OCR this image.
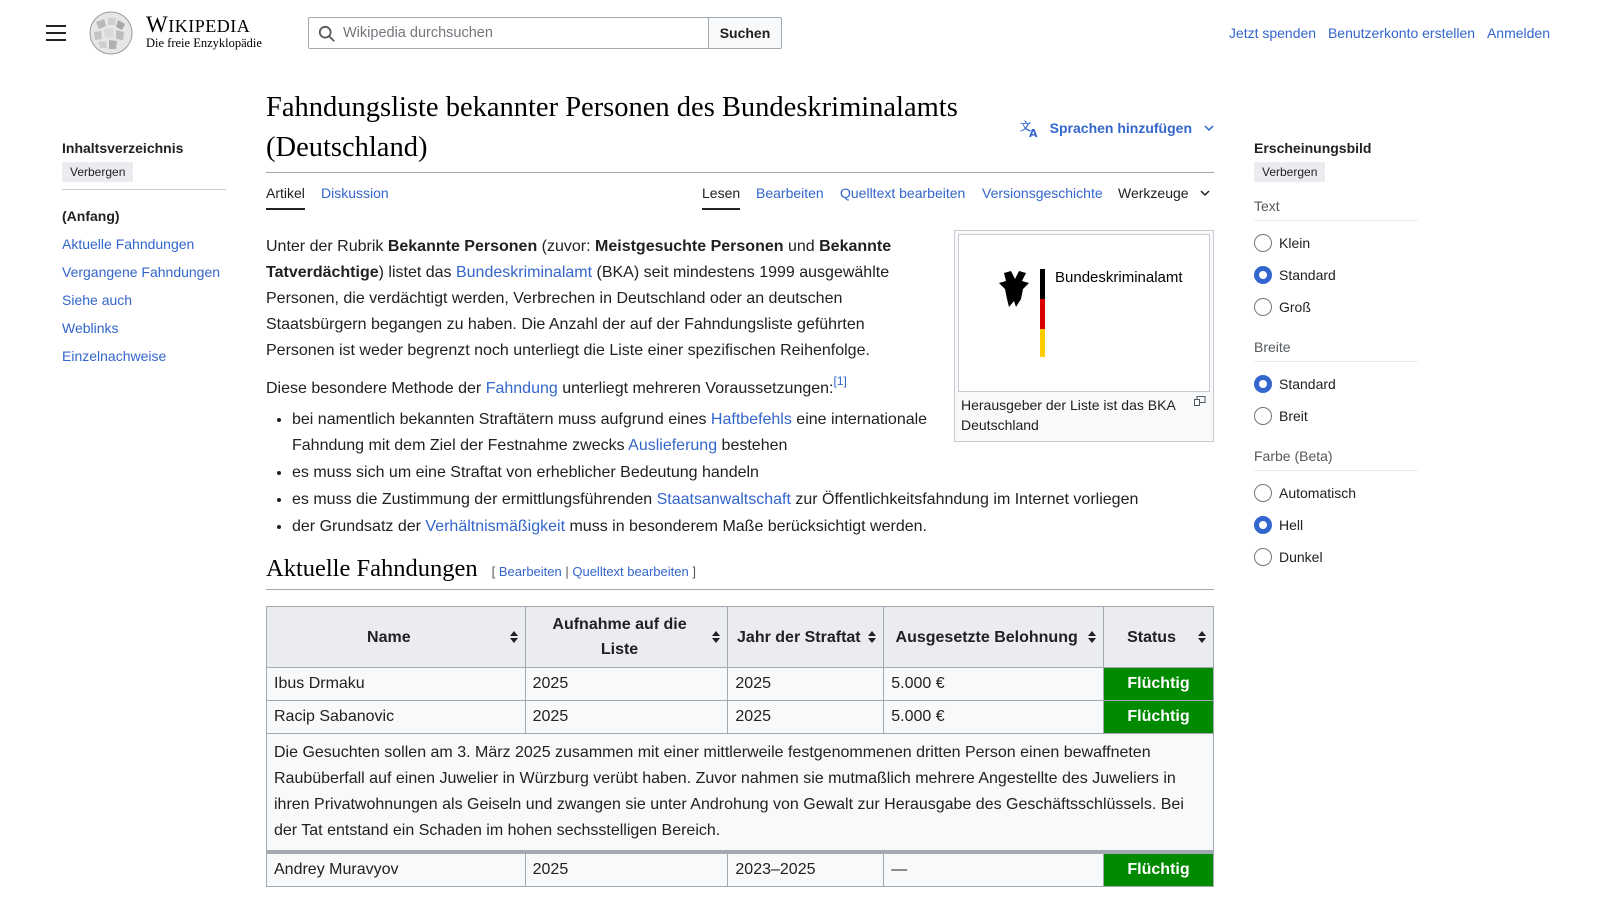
WIKIPEDIA
Die freie Enzyklopädie
Wikipedia durchsuchen
Suchen	Jetzt spenden Benutzerkonto erstellen Anmelden
Inhaltsverzeichnis
Verbergen
(Anfang)
Aktuelle Fahndungen
Vergangene Fahndungen
Siehe auch
Weblinks
Einzelnachweise
Erscheinungsbild
Verbergen
Text
Klein
Standard
Groß
Breite
Standard
Breit
Farbe (Beta)
Automatisch
Hell
Dunkel
Fahndungsliste bekannter Personen des Bundeskriminalamts (Deutschland)
文
A Sprachen hinzufügen
Artikel Diskussion	Lesen Bearbeiten Quelltext bearbeiten Versionsgeschichte Werkzeuge
Bundeskriminalamt
Herausgeber der Liste ist das BKA Deutschland

Unter der Rubrik Bekannte Personen (zuvor: Meistgesuchte Personen und Bekannte Tatverdächtige) listet das Bundeskriminalamt (BKA) seit mindestens 1999 ausgewählte Personen, die verdächtigt werden, Verbrechen in Deutschland oder an deutschen Staatsbürgern begangen zu haben. Die Anzahl der auf der Fahndungsliste geführten Personen ist weder begrenzt noch unterliegt die Liste einer spezifischen Reihenfolge.

Diese besondere Methode der Fahndung unterliegt mehreren Voraussetzungen:[1]

• bei namentlich bekannten Straftätern muss aufgrund eines Haftbefehls eine internationale Fahndung mit dem Ziel der Festnahme zwecks Auslieferung bestehen
• es muss sich um eine Straftat von erheblicher Bedeutung handeln
• es muss die Zustimmung der ermittlungsführenden Staatsanwaltschaft zur Öffentlichkeitsfahndung im Internet vorliegen
• der Grundsatz der Verhältnismäßigkeit muss in besonderem Maße berücksichtigt werden.
Aktuelle Fahndungen [ Bearbeiten | Quelltext bearbeiten ]
Name	Aufnahme auf die Liste	Jahr der Straftat	Ausgesetzte Belohnung	Status

Ibus Drmaku	2025	2025	5.000 €	Flüchtig
Racip Sabanovic	2025	2025	5.000 €	Flüchtig
Die Gesuchten sollen am 3. März 2025 zusammen mit einer mittlerweile festgenommenen dritten Person einen bewaffneten Raubüberfall auf einen Juwelier in Würzburg verübt haben. Zuvor nahmen sie mutmaßlich mehrere Angestellte des Juweliers in ihren Privatwohnungen als Geiseln und zwangen sie unter Androhung von Gewalt zur Herausgabe des Geschäftsschlüssels. Bei der Tat entstand ein Schaden im hohen sechsstelligen Bereich.				
Andrey Muravyov	2025	2023–2025	—	Flüchtig
